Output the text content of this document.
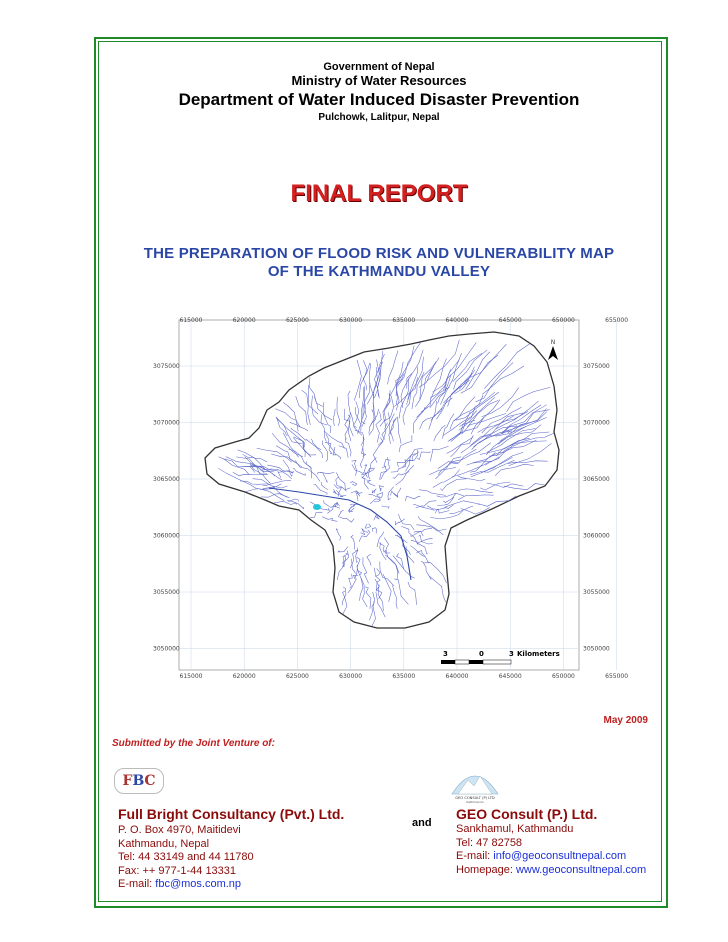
Government of Nepal
Ministry of Water Resources
Department of Water Induced Disaster Prevention
Pulchowk, Lalitpur, Nepal
FINAL REPORT
THE PREPARATION OF FLOOD RISK AND VULNERABILITY MAP
OF THE KATHMANDU VALLEY
615000	620000	625000	630000	635000	640000	645000	650000	655000
615000	620000	625000	630000	635000	640000	645000	650000	655000
3075000
3070000
3065000
3060000
3055000
3050000
3075000
3070000
3065000
3060000
3055000
3050000
N
3	0	3 Kilometers
May 2009
Submitted by the Joint Venture of:
FBC
GEO CONSULT (P) LTD
Kathmandu
Full Bright Consultancy (Pvt.) Ltd.
and
GEO Consult (P.) Ltd.
P. O. Box 4970, Maitidevi
Kathmandu, Nepal
Tel: 44 33149 and 44 11780
Fax: ++ 977-1-44 13331
E-mail: fbc@mos.com.np
Sankhamul, Kathmandu
Tel: 47 82758
E-mail: info@geoconsultnepal.com
Homepage: www.geoconsultnepal.com
